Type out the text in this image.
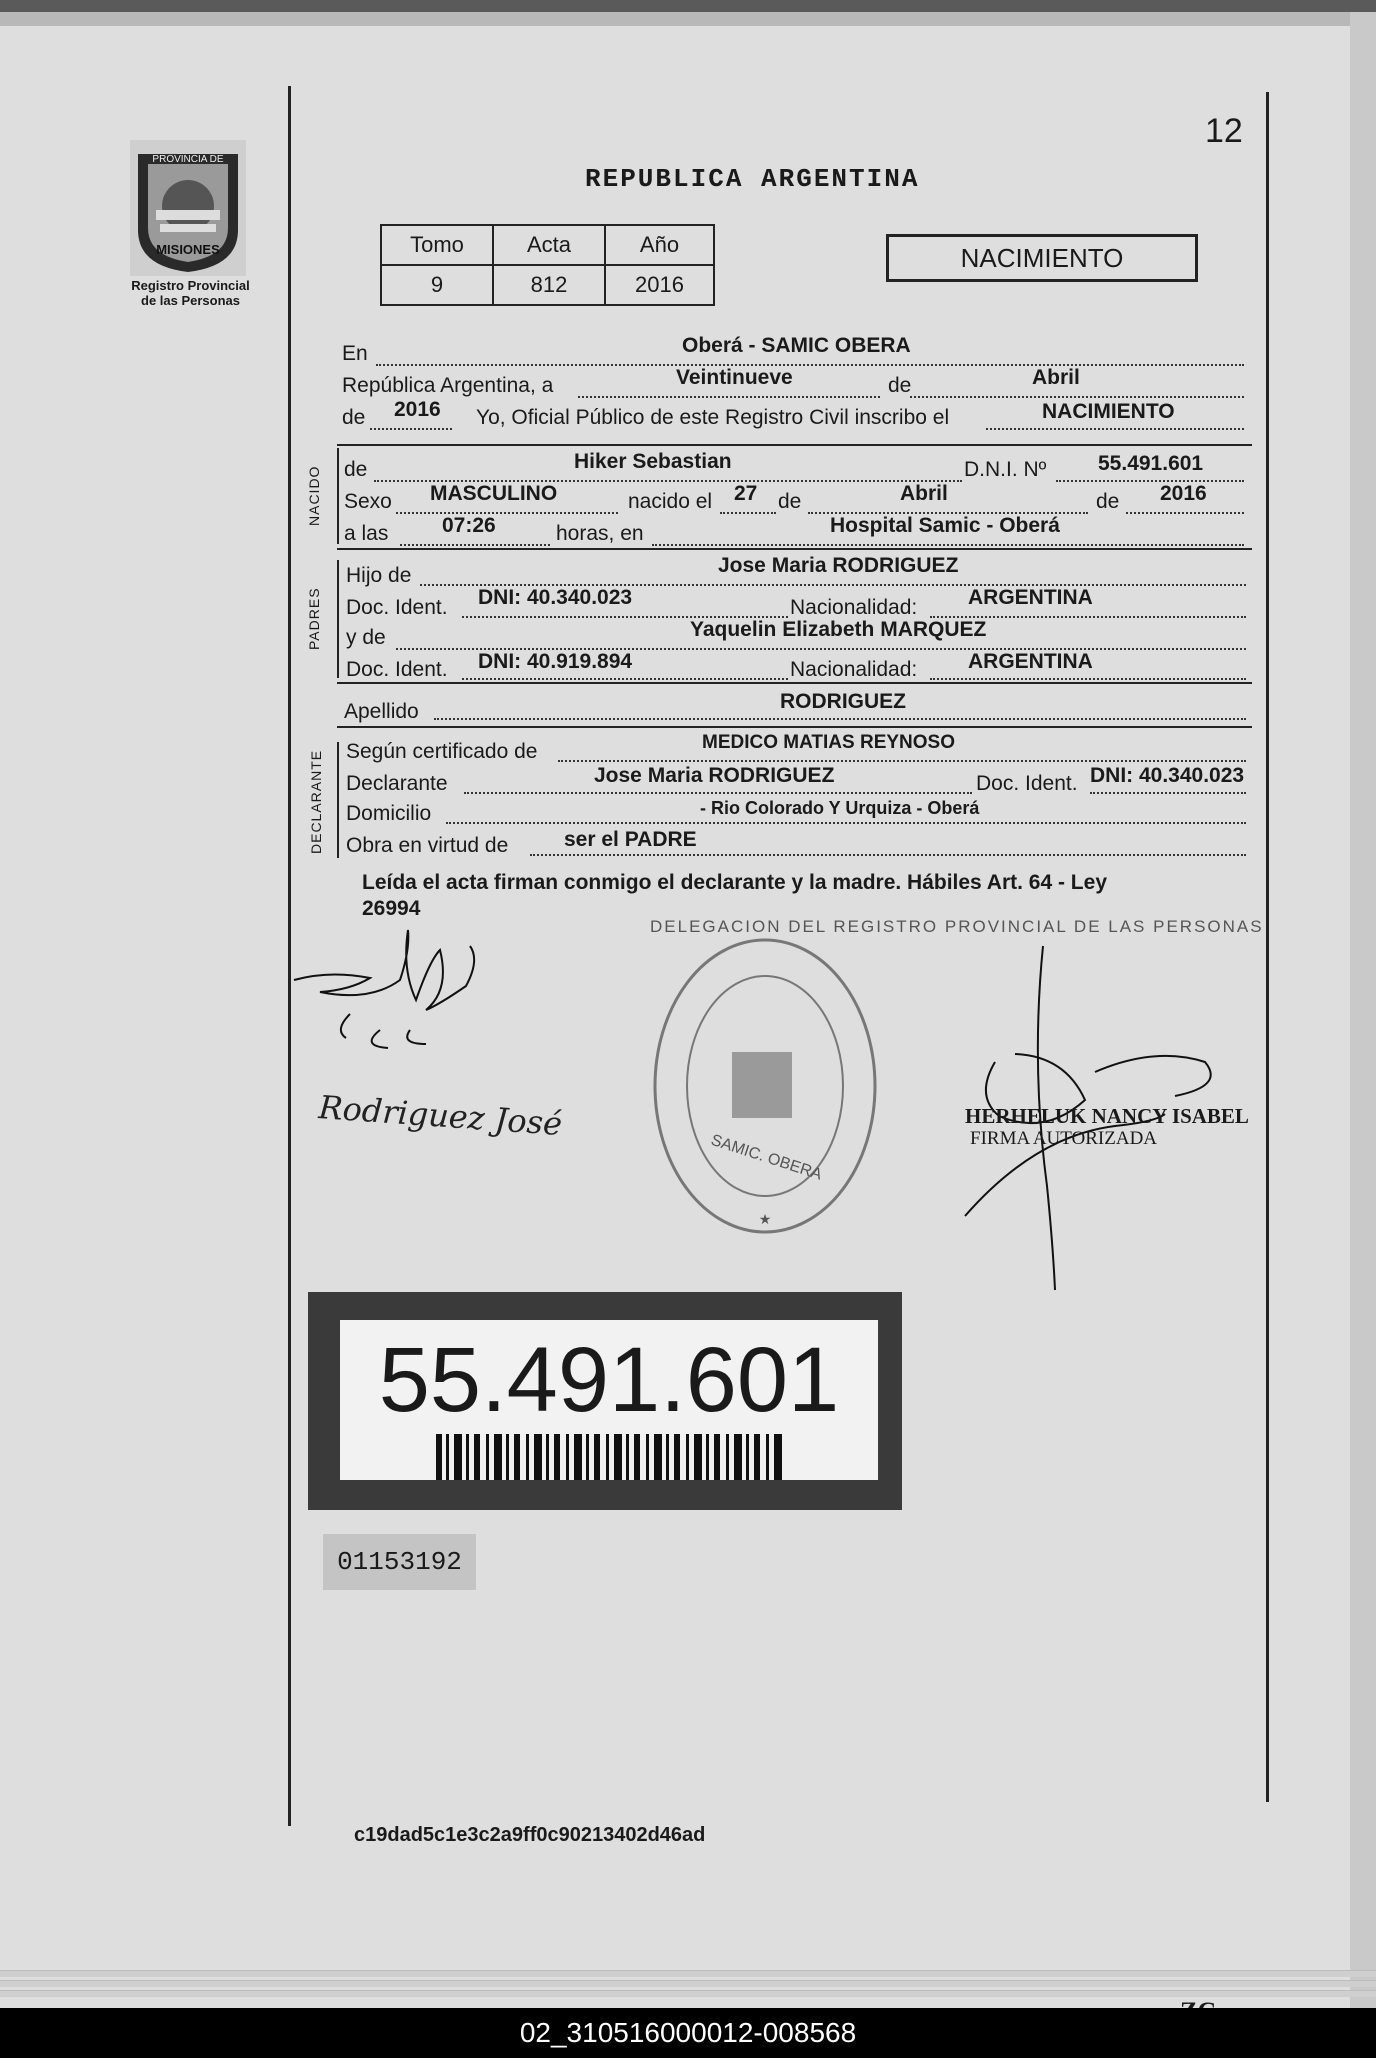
12
REPUBLICA ARGENTINA
PROVINCIA DE
MISIONES
Registro Provincial
de las Personas
Tomo	Acta	Año
9	812	2016
NACIMIENTO
En	Oberá - SAMIC OBERA
República Argentina, a	Veintinueve	de	Abril
de 2016 Yo, Oficial Público de este Registro Civil inscribo el	NACIMIENTO
NACIDO de	Hiker Sebastian	D.N.I. Nº 55.491.601
Sexo MASCULINO	nacido el 27 de	Abril	de 2016
a las	07:26	horas, en	Hospital Samic - Oberá
PADRES
Hijo de	Jose Maria RODRIGUEZ
Doc. Ident. DNI: 40.340.023	Nacionalidad: ARGENTINA
y de	Yaquelin Elizabeth MARQUEZ
Doc. Ident. DNI: 40.919.894	Nacionalidad: ARGENTINA
Apellido	RODRIGUEZ
DECLARANTE Según certificado de	MEDICO MATIAS REYNOSO
Declarante	Jose Maria RODRIGUEZ	Doc. Ident. DNI: 40.340.023
Domicilio	- Rio Colorado Y Urquiza - Oberá
Obra en virtud de	ser el PADRE
Leída el acta firman conmigo el declarante y la madre. Hábiles Art. 64 - Ley
26994
Rodriguez José
DELEGACION DEL REGISTRO PROVINCIAL DE LAS PERSONAS
SAMIC. OBERA
★
HERHELUK NANCY ISABEL
FIRMA AUTORIZADA
55.491.601
01153192
c19dad5c1e3c2a9ff0c90213402d46ad
02_310516000012-008568
